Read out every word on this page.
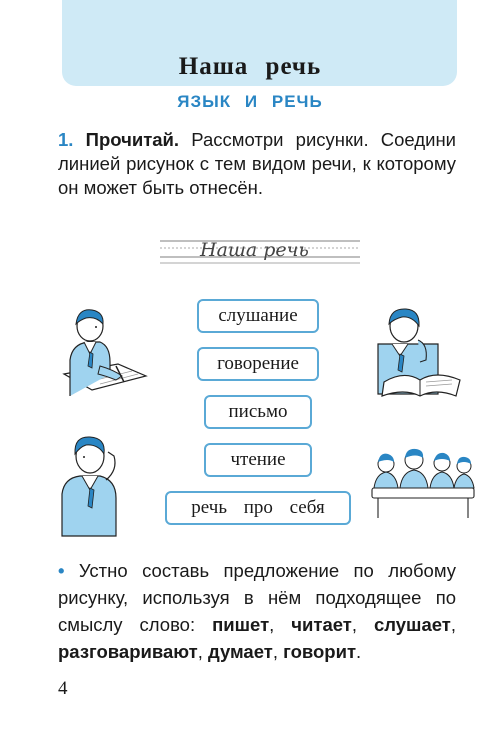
Наша речь
ЯЗЫК И РЕЧЬ
1. Прочитай. Рассмотри рисунки. Соедини линией рисунок с тем видом речи, к которому он может быть отнесён.
Наша речь
слушание
говорение
письмо
чтение
речь про себя
• Устно составь предложение по любому рисунку, используя в нём подходящее по смыслу слово: пишет, читает, слушает, разговаривают, думает, говорит.
4
